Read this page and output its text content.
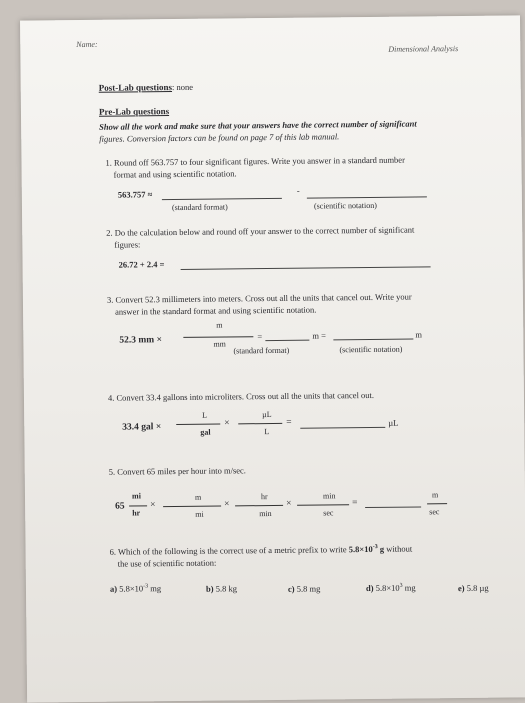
Name:	Dimensional Analysis
Post-Lab questions: none
Pre-Lab questions
Show all the work and make sure that your answers have the correct number of significant
figures. Conversion factors can be found on page 7 of this lab manual.
1. Round off 563.757 to four significant figures. Write you answer in a standard number
format and using scientific notation.
563.757 ≈	-
(standard format)	(scientific notation)
2. Do the calculation below and round off your answer to the correct number of significant
figures:
26.72 + 2.4 =
3. Convert 52.3 millimeters into meters. Cross out all the units that cancel out. Write your
answer in the standard format and using scientific notation.
52.3 mm ×
m
mm
=	m =	m
(standard format)	(scientific notation)
4. Convert 33.4 gallons into microliters. Cross out all the units that cancel out.
33.4 gal ×
L
gal
×
µL
L
=	µL
5. Convert 65 miles per hour into m/sec.
65
mi
hr
×
m
mi
×
hr
min
×
min
sec
=
m
sec
6. Which of the following is the correct use of a metric prefix to write $5.8\times 10^{-3}$ g without
the use of scientific notation:
a) $5.8\times 10^{-3}$ mg	b) 5.8 kg	c) 5.8 mg	d) $5.8\times 10^3$ mg	e) 5.8 µg
